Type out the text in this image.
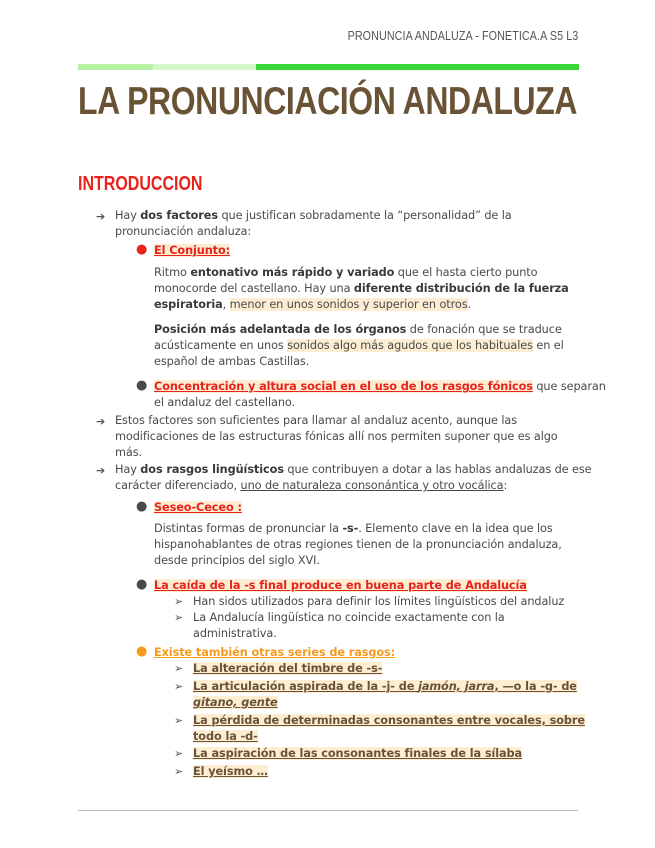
PRONUNCIA ANDALUZA - FONETICA.A S5 L3
LA PRONUNCIACIÓN ANDALUZA
INTRODUCCION
➔ Hay dos factores que justifican sobradamente la “personalidad” de la
pronunciación andaluza:
● El Conjunto:
Ritmo entonativo más rápido y variado que el hasta cierto punto
monocorde del castellano. Hay una diferente distribución de la fuerza
espiratoria, menor en unos sonidos y superior en otros.
Posición más adelantada de los órganos de fonación que se traduce
acústicamente en unos sonidos algo más agudos que los habituales en el
español de ambas Castillas.
● Concentración y altura social en el uso de los rasgos fónicos que separan
el andaluz del castellano.
➔ Estos factores son suficientes para llamar al andaluz acento, aunque las
modificaciones de las estructuras fónicas allí nos permiten suponer que es algo
más.
➔ Hay dos rasgos lingüísticos que contribuyen a dotar a las hablas andaluzas de ese
carácter diferenciado, uno de naturaleza consonántica y otro vocálica:
● Seseo-Ceceo :
Distintas formas de pronunciar la -s-. Elemento clave en la idea que los
hispanohablantes de otras regiones tienen de la pronunciación andaluza,
desde principios del siglo XVI.
● La caída de la -s final produce en buena parte de Andalucía
➢ Han sidos utilizados para definir los límites lingüísticos del andaluz
➢ La Andalucía lingüística no coincide exactamente con la
administrativa.
● Existe también otras series de rasgos:
➢ La alteración del timbre de -s-
➢ La articulación aspirada de la -j- de jamón, jarra, —o la -g- de
gitano, gente
➢ La pérdida de determinadas consonantes entre vocales, sobre
todo la -d-
➢ La aspiración de las consonantes finales de la sílaba
➢ El yeísmo …
